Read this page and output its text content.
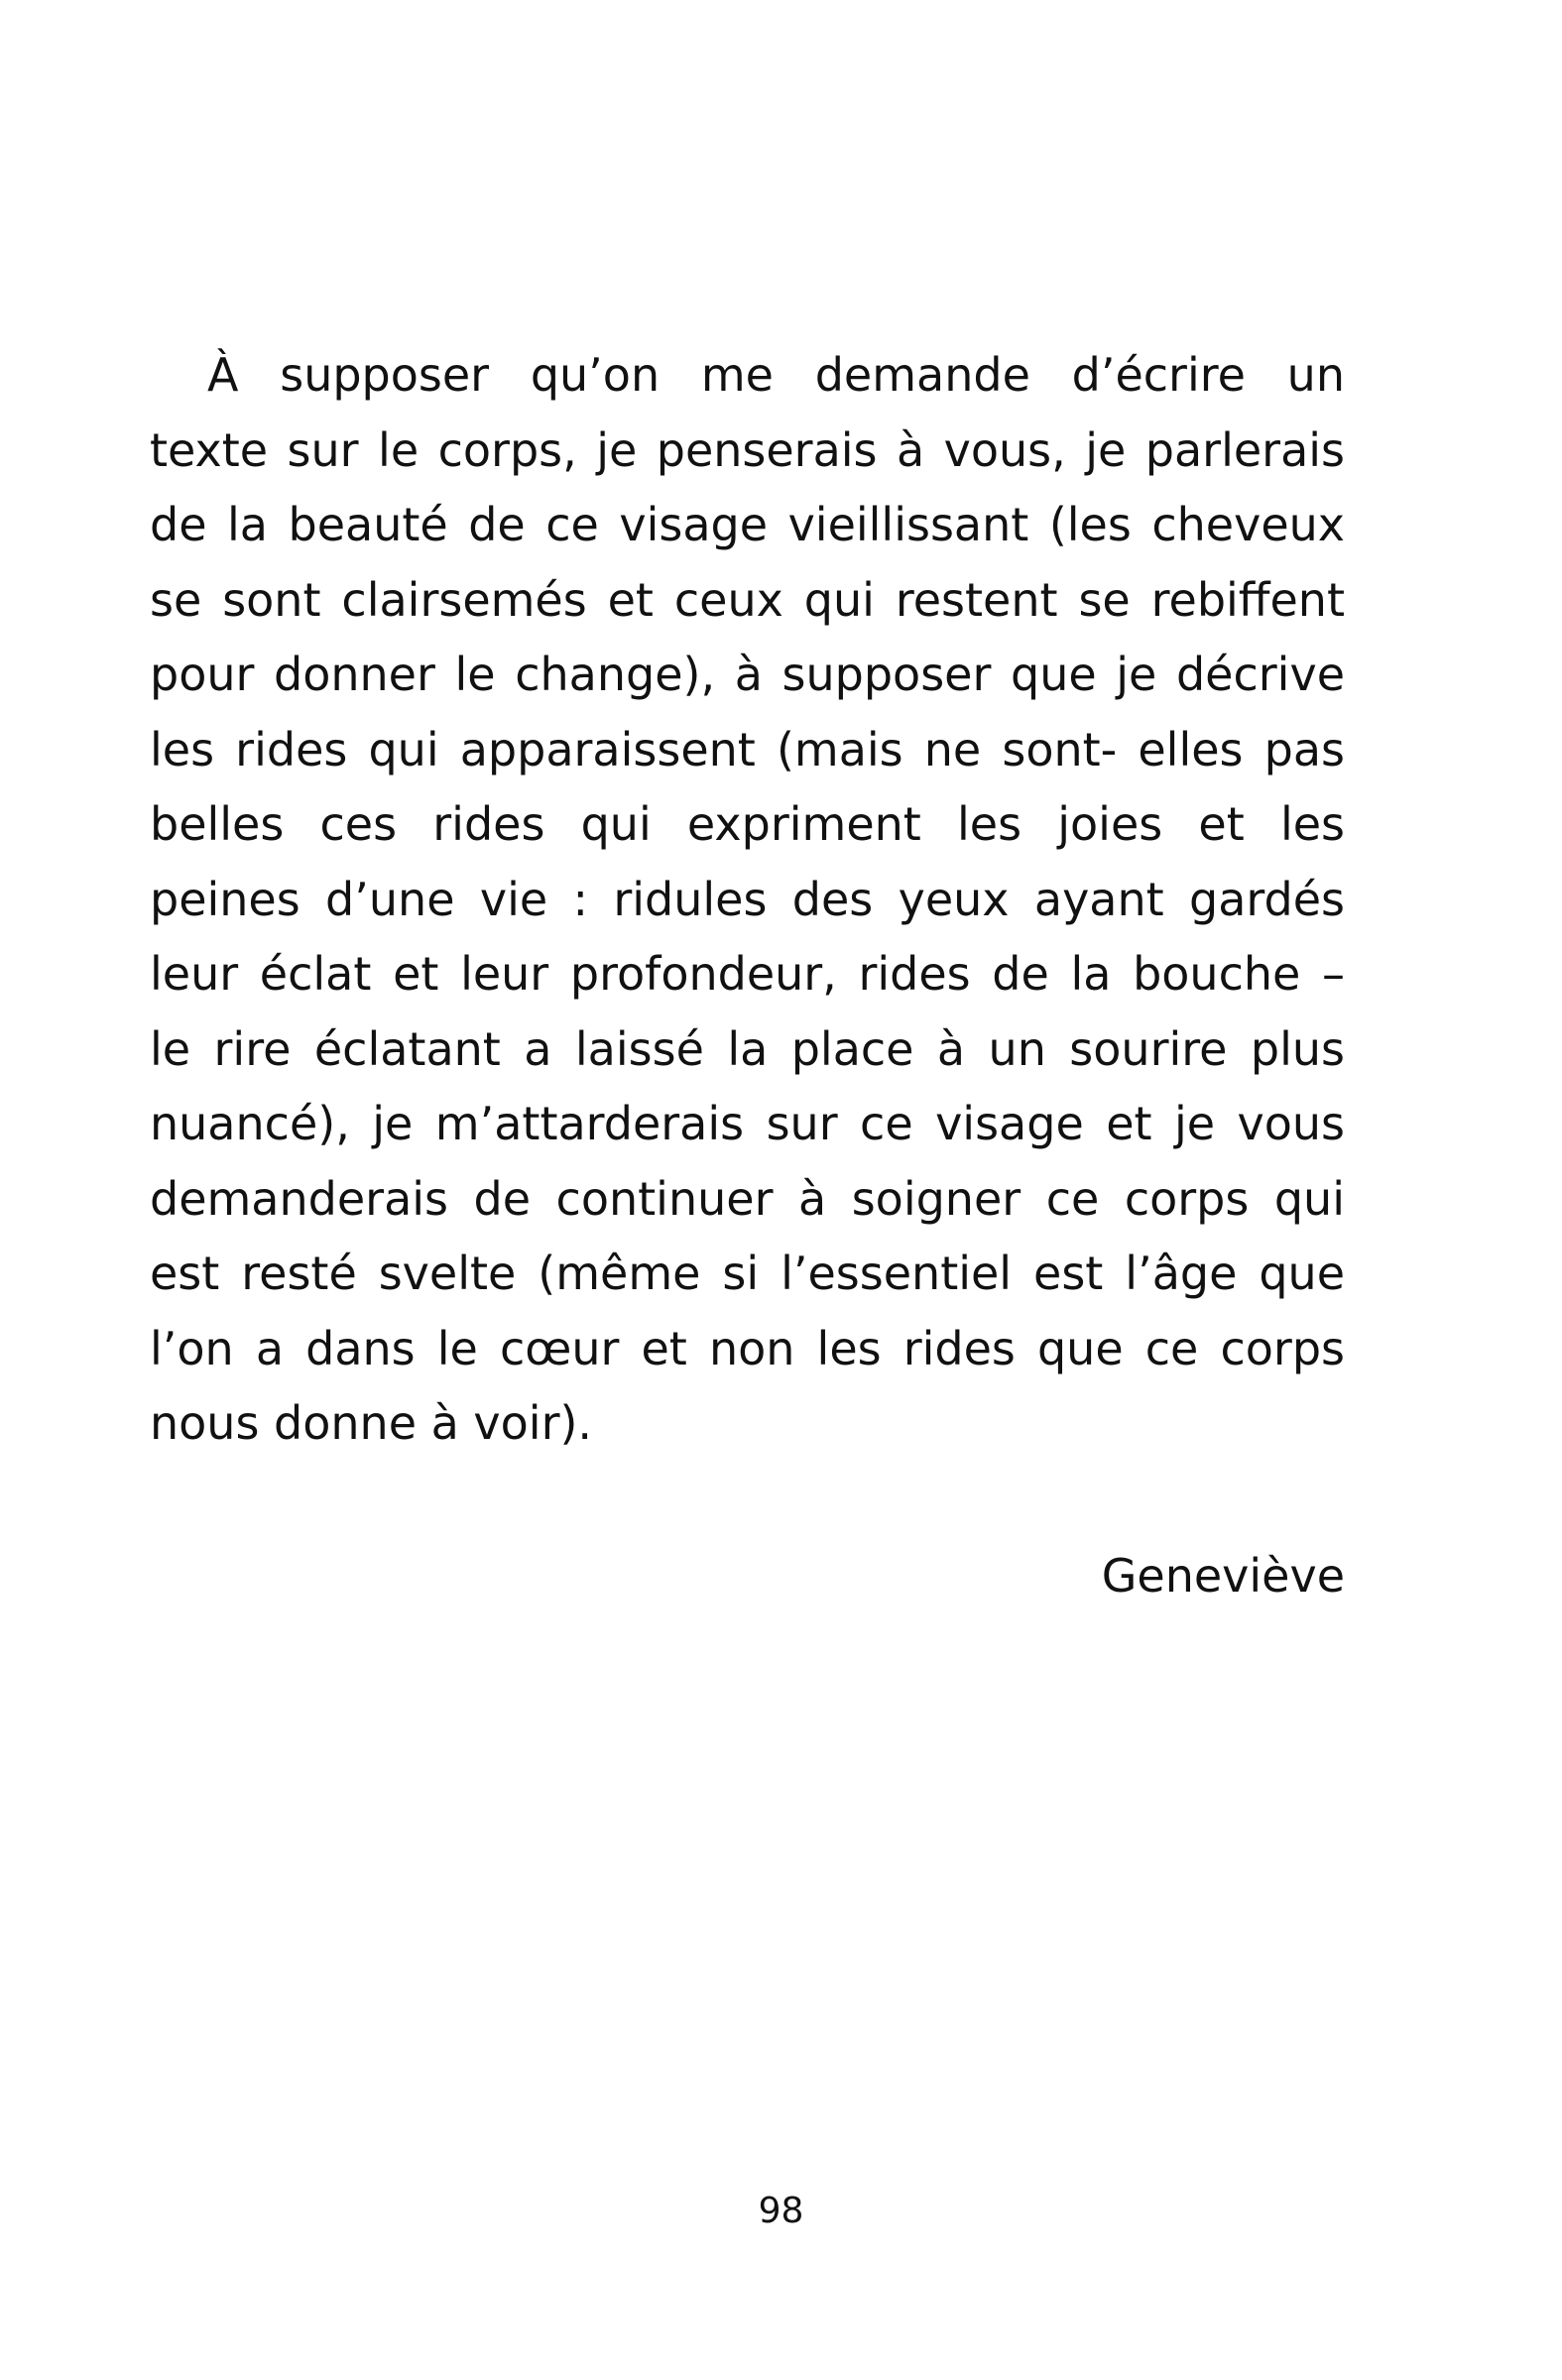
À supposer qu’on me demande d’écrire un
texte sur le corps, je penserais à vous, je parlerais
de la beauté de ce visage vieillissant (les cheveux
se sont clairsemés et ceux qui restent se rebiffent
pour donner le change), à supposer que je décrive
les rides qui apparaissent (mais ne sont- elles pas
belles ces rides qui expriment les joies et les
peines d’une vie : ridules des yeux ayant gardés
leur éclat et leur profondeur, rides de la bouche –
le rire éclatant a laissé la place à un sourire plus
nuancé), je m’attarderais sur ce visage et je vous
demanderais de continuer à soigner ce corps qui
est resté svelte (même si l’essentiel est l’âge que
l’on a dans le cœur et non les rides que ce corps
nous donne à voir).
Geneviève
98
